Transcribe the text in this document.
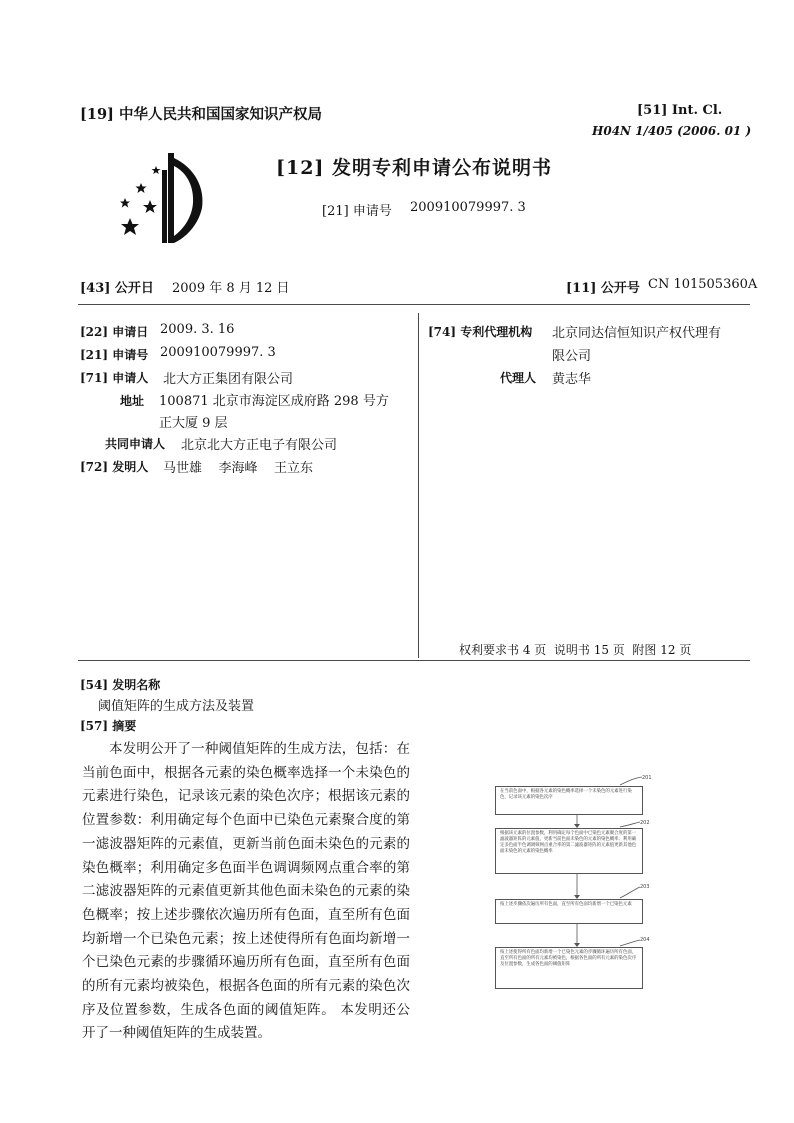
[19] 中华人民共和国国家知识产权局	[51] Int. Cl.
H04N 1/405 (2006. 01 )
[12] 发明专利申请公布说明书
[21] 申请号 200910079997. 3
[43] 公开日 2009 年 8 月 12 日	[11] 公开号 CN 101505360A
[22] 申请日 2009. 3. 16
[21] 申请号 200910079997. 3
[71] 申请人 北大方正集团有限公司
地址 100871 北京市海淀区成府路 298 号方
正大厦 9 层
共同申请人 北京北大方正电子有限公司
[72] 发明人 马世雄    李海峰    王立东
[74] 专利代理机构 北京同达信恒知识产权代理有
限公司
代理人 黄志华
权利要求书 4 页  说明书 15 页  附图 12 页
[54] 发明名称
阈值矩阵的生成方法及装置
[57] 摘要
本发明公开了一种阈值矩阵的生成方法，包括：在当前色面中，根据各元素的染色概率选择一个未染色的元素进行染色，记录该元素的染色次序；根据该元素的位置参数：利用确定每个色面中已染色元素聚合度的第一滤波器矩阵的元素值，更新当前色面未染色的元素的染色概率；利用确定多色面半色调调频网点重合率的第二滤波器矩阵的元素值更新其他色面未染色的元素的染色概率；按上述步骤依次遍历所有色面，直至所有色面均新增一个已染色元素；按上述使得所有色面均新增一个已染色元素的步骤循环遍历所有色面，直至所有色面的所有元素均被染色，根据各色面的所有元素的染色次序及位置参数，生成各色面的阈值矩阵。 本发明还公开了一种阈值矩阵的生成装置。
在当前色面中，根据各元素的染色概率选择一个未染色的元素进行染色，记录该元素的染色次序
201
根据该元素的位置参数，利用确定每个色面中已染色元素聚合度的第一滤波器矩阵的元素值，更新当前色面未染色的元素的染色概率；利用确定多色面半色调调频网点重合率的第二滤波器矩阵的元素值更新其他色面未染色的元素的染色概率
202
按上述步骤依次遍历所有色面，直至所有色面均新增一个已染色元素
203
按上述使得所有色面均新增一个已染色元素的步骤循环遍历所有色面，直至所有色面的所有元素均被染色，根据各色面的所有元素的染色次序及位置参数，生成各色面的阈值矩阵
204
